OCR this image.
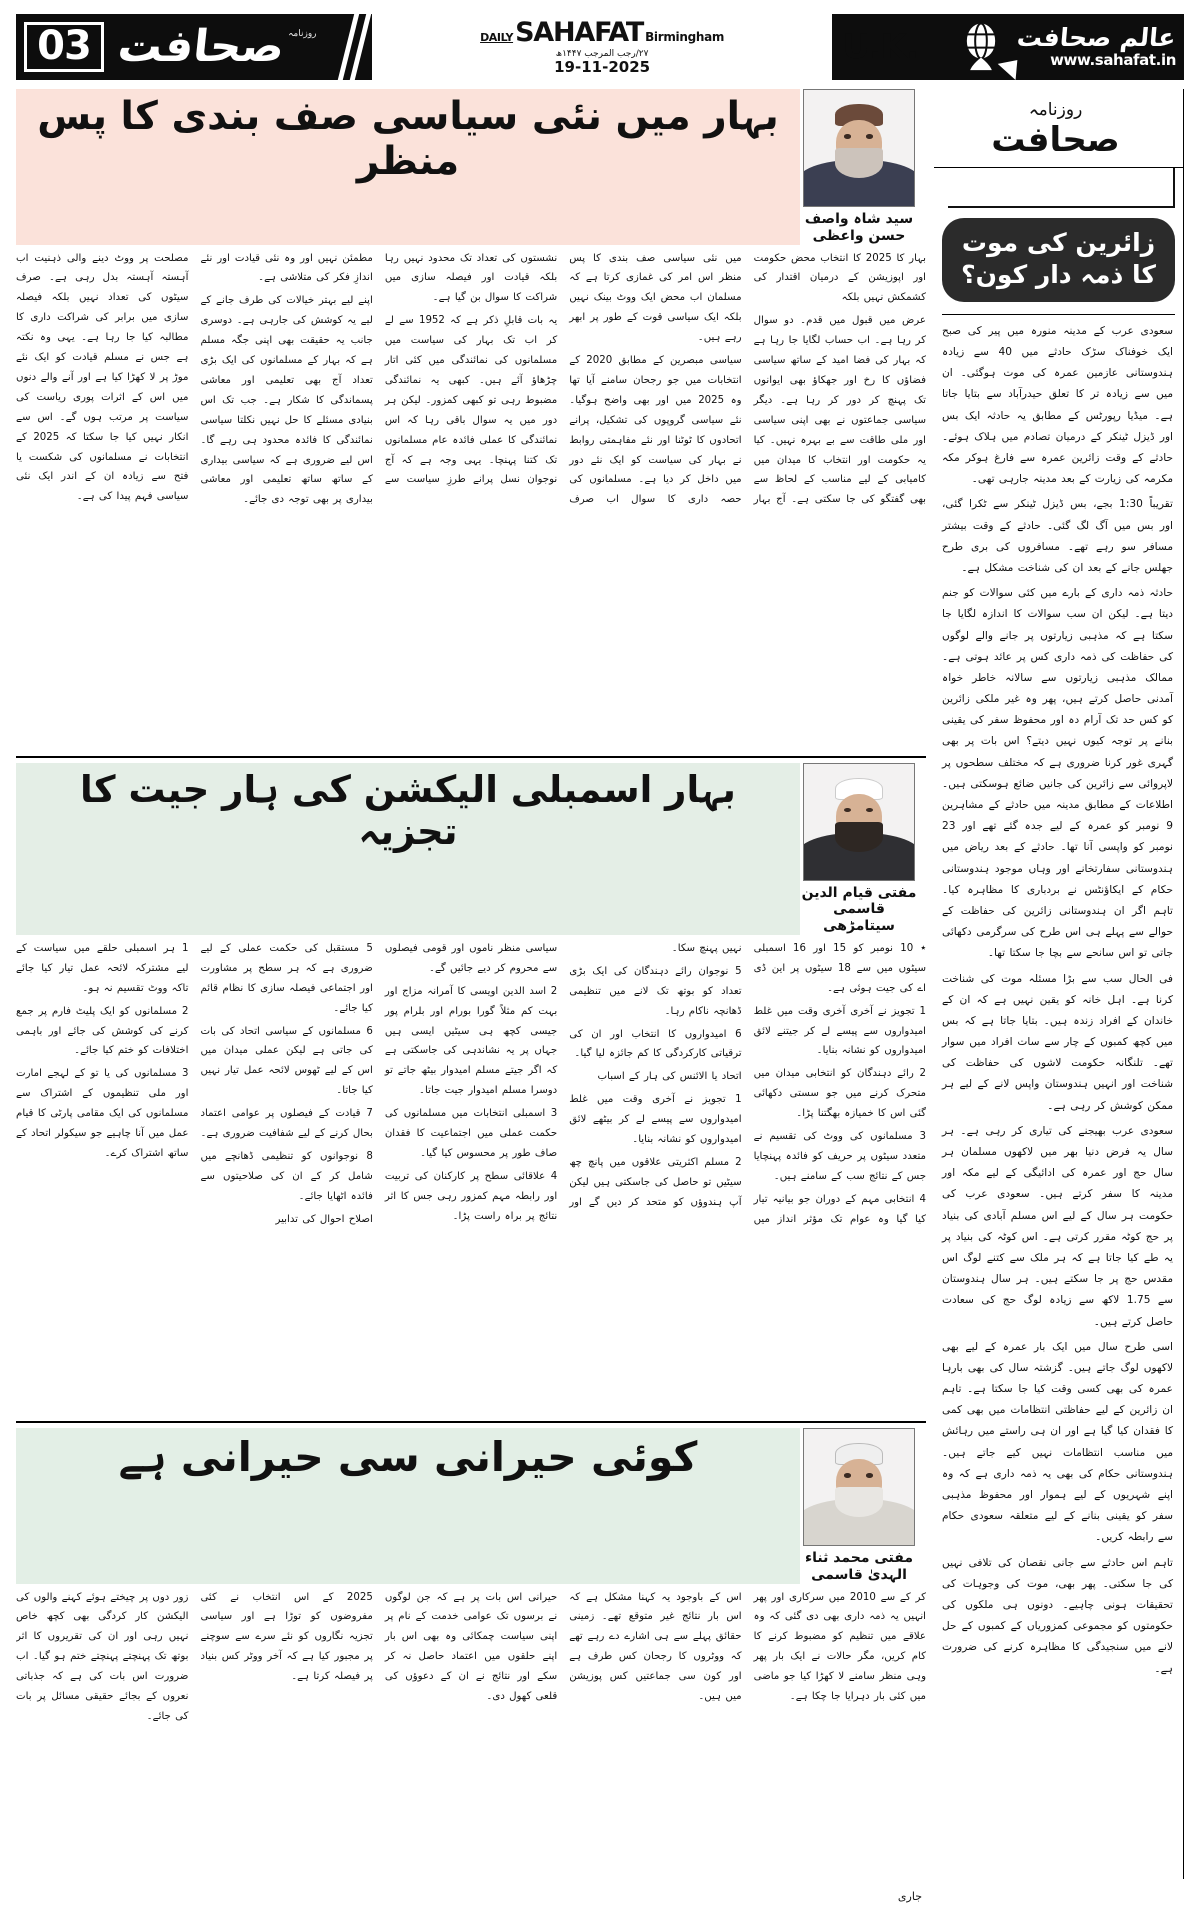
03 صحافت روزنامہ	DAILY SAHAFAT Birmingham
۲۷/رجب المرجب ۱۴۴۷ھ
19-11-2025	U.K.	عالم صحافت
www.sahafat.in
روزنامہ
صحافت
زائرین کی موت کا ذمہ دار کون؟

سعودی عرب کے مدینہ منورہ میں پیر کی صبح ایک خوفناک سڑک حادثے میں 40 سے زیادہ ہندوستانی عازمین عمرہ کی موت ہوگئی۔ ان میں سے زیادہ تر کا تعلق حیدرآباد سے بتایا جاتا ہے۔ میڈیا رپورٹس کے مطابق یہ حادثہ ایک بس اور ڈیزل ٹینکر کے درمیان تصادم میں ہلاک ہوئے۔ حادثے کے وقت زائرین عمرہ سے فارغ ہوکر مکہ مکرمہ کی زیارت کے بعد مدینہ جارہی تھی۔

تقریباً 1:30 بجے، بس ڈیزل ٹینکر سے ٹکرا گئی، اور بس میں آگ لگ گئی۔ حادثے کے وقت بیشتر مسافر سو رہے تھے۔ مسافروں کی بری طرح جھلس جانے کے بعد ان کی شناخت مشکل ہے۔

حادثہ ذمہ داری کے بارے میں کئی سوالات کو جنم دیتا ہے۔ لیکن ان سب سوالات کا اندازہ لگایا جا سکتا ہے کہ مذہبی زیارتوں پر جانے والے لوگوں کی حفاظت کی ذمہ داری کس پر عائد ہوتی ہے۔ ممالک مذہبی زیارتوں سے سالانہ خاطر خواہ آمدنی حاصل کرتے ہیں، پھر وہ غیر ملکی زائرین کو کس حد تک آرام دہ اور محفوظ سفر کی یقینی بنانے پر توجہ کیوں نہیں دیتے؟ اس بات پر بھی گہری غور کرنا ضروری ہے کہ مختلف سطحوں پر لاپروائی سے زائرین کی جانیں ضائع ہوسکتی ہیں۔ اطلاعات کے مطابق مدینہ میں حادثے کے مشاہرین 9 نومبر کو عمرہ کے لیے جدہ گئے تھے اور 23 نومبر کو واپسی آنا تھا۔ حادثے کے بعد ریاض میں ہندوستانی سفارتخانے اور وہاں موجود ہندوستانی حکام کے ایکاؤنٹس نے بردباری کا مظاہرہ کیا۔ تاہم اگر ان ہندوستانی زائرین کی حفاظت کے حوالے سے پہلے ہی اس طرح کی سرگرمی دکھائی جاتی تو اس سانحے سے بچا جا سکتا تھا۔

فی الحال سب سے بڑا مسئلہ موت کی شناخت کرنا ہے۔ اہل خانہ کو یقین نہیں ہے کہ ان کے خاندان کے افراد زندہ ہیں۔ بتایا جاتا ہے کہ بس میں کچھ کمبوں کے چار سے سات افراد میں سوار تھے۔ تلنگانہ حکومت لاشوں کی حفاظت کی شناخت اور انہیں ہندوستان واپس لانے کے لیے ہر ممکن کوشش کر رہی ہے۔

سعودی عرب بھیجنے کی تیاری کر رہی ہے۔ ہر سال یہ فرض دنیا بھر میں لاکھوں مسلمان ہر سال حج اور عمرہ کی ادائیگی کے لیے مکہ اور مدینہ کا سفر کرتے ہیں۔ سعودی عرب کی حکومت ہر سال کے لیے اس مسلم آبادی کی بنیاد پر حج کوٹہ مقرر کرتی ہے۔ اس کوٹہ کی بنیاد پر یہ طے کیا جاتا ہے کہ ہر ملک سے کتنے لوگ اس مقدس حج پر جا سکتے ہیں۔ ہر سال ہندوستان سے 1.75 لاکھ سے زیادہ لوگ حج کی سعادت حاصل کرتے ہیں۔

اسی طرح سال میں ایک بار عمرہ کے لیے بھی لاکھوں لوگ جاتے ہیں۔ گزشتہ سال کی بھی بارہا عمرہ کی بھی کسی وقت کیا جا سکتا ہے۔ تاہم ان زائرین کے لیے حفاظتی انتظامات میں بھی کمی کا فقدان کیا گیا ہے اور ان ہی راستے میں رہائش میں مناسب انتظامات نہیں کیے جاتے ہیں۔ ہندوستانی حکام کی بھی یہ ذمہ داری ہے کہ وہ اپنے شہریوں کے لیے ہموار اور محفوظ مذہبی سفر کو یقینی بنانے کے لیے متعلقہ سعودی حکام سے رابطہ کریں۔

تاہم اس حادثے سے جانی نقصان کی تلافی نہیں کی جا سکتی۔ پھر بھی، موت کی وجوہات کی تحقیقات ہونی چاہیے۔ دونوں ہی ملکوں کی حکومتوں کو مجموعی کمزوریاں کے کمبوں کے حل لانے میں سنجیدگی کا مظاہرہ کرنے کی ضرورت ہے۔

سید شاہ واصف حسن واعظی
بہار میں نئی سیاسی صف بندی کا پس منظر

بہار کا 2025 کا انتخاب محض حکومت اور اپوزیشن کے درمیان اقتدار کی کشمکش نہیں بلکہ

عرض میں قبول میں قدم۔ دو سوال کر رہا ہے۔ اب حساب لگایا جا رہا ہے کہ بہار کی فضا امید کے ساتھ سیاسی فضاؤں کا رخ اور جھکاؤ بھی ایوانوں تک پہنچ کر دور کر رہا ہے۔ دیگر سیاسی جماعتوں نے بھی اپنی سیاسی اور ملی طاقت سے بے بہرہ نہیں۔ کیا یہ حکومت اور انتخاب کا میدان میں کامیابی کے لیے مناسب کے لحاظ سے بھی گفتگو کی جا سکتی ہے۔ آج بہار میں نئی سیاسی صف بندی کا پس منظر اس امر کی غمازی کرتا ہے کہ مسلمان اب محض ایک ووٹ بینک نہیں بلکہ ایک سیاسی قوت کے طور پر ابھر رہے ہیں۔

سیاسی مبصرین کے مطابق 2020 کے انتخابات میں جو رجحان سامنے آیا تھا وہ 2025 میں اور بھی واضح ہوگیا۔ نئے سیاسی گروپوں کی تشکیل، پرانے اتحادوں کا ٹوٹنا اور نئے مفاہمتی روابط نے بہار کی سیاست کو ایک نئے دور میں داخل کر دیا ہے۔ مسلمانوں کی حصہ داری کا سوال اب صرف نشستوں کی تعداد تک محدود نہیں رہا بلکہ قیادت اور فیصلہ سازی میں شراکت کا سوال بن گیا ہے۔

یہ بات قابلِ ذکر ہے کہ 1952 سے لے کر اب تک بہار کی سیاست میں مسلمانوں کی نمائندگی میں کئی اتار چڑھاؤ آئے ہیں۔ کبھی یہ نمائندگی مضبوط رہی تو کبھی کمزور۔ لیکن ہر دور میں یہ سوال باقی رہا کہ اس نمائندگی کا عملی فائدہ عام مسلمانوں تک کتنا پہنچا۔ یہی وجہ ہے کہ آج نوجوان نسل پرانے طرزِ سیاست سے مطمئن نہیں اور وہ نئی قیادت اور نئے اندازِ فکر کی متلاشی ہے۔

اپنے لیے بہتر خیالات کی طرف جانے کے لیے یہ کوشش کی جارہی ہے۔ دوسری جانب یہ حقیقت بھی اپنی جگہ مسلم ہے کہ بہار کے مسلمانوں کی ایک بڑی تعداد آج بھی تعلیمی اور معاشی پسماندگی کا شکار ہے۔ جب تک اس بنیادی مسئلے کا حل نہیں نکلتا سیاسی نمائندگی کا فائدہ محدود ہی رہے گا۔ اس لیے ضروری ہے کہ سیاسی بیداری کے ساتھ ساتھ تعلیمی اور معاشی بیداری پر بھی توجہ دی جائے۔

مصلحت پر ووٹ دینے والی ذہنیت اب آہستہ آہستہ بدل رہی ہے۔ صرف سیٹوں کی تعداد نہیں بلکہ فیصلہ سازی میں برابر کی شراکت داری کا مطالبہ کیا جا رہا ہے۔ یہی وہ نکتہ ہے جس نے مسلم قیادت کو ایک نئے موڑ پر لا کھڑا کیا ہے اور آنے والے دنوں میں اس کے اثرات پوری ریاست کی سیاست پر مرتب ہوں گے۔ اس سے انکار نہیں کیا جا سکتا کہ 2025 کے انتخابات نے مسلمانوں کی شکست یا فتح سے زیادہ ان کے اندر ایک نئی سیاسی فہم پیدا کی ہے۔

مفتی قیام الدین قاسمی سیتامڑھی
بہار اسمبلی الیکشن کی ہار جیت کا تجزیہ

٭ 10 نومبر کو 15 اور 16 اسمبلی سیٹوں میں سے 18 سیٹوں پر این ڈی اے کی جیت ہوئی ہے۔

1 تجویز نے آخری آخری وقت میں غلط امیدواروں سے پیسے لے کر جیتنے لائق امیدواروں کو نشانہ بنایا۔

2 رائے دہندگان کو انتخابی میدان میں متحرک کرنے میں جو سستی دکھائی گئی اس کا خمیازہ بھگتنا پڑا۔

3 مسلمانوں کی ووٹ کی تقسیم نے متعدد سیٹوں پر حریف کو فائدہ پہنچایا جس کے نتائج سب کے سامنے ہیں۔

4 انتخابی مہم کے دوران جو بیانیہ تیار کیا گیا وہ عوام تک مؤثر انداز میں نہیں پہنچ سکا۔

5 نوجوان رائے دہندگان کی ایک بڑی تعداد کو بوتھ تک لانے میں تنظیمی ڈھانچہ ناکام رہا۔

6 امیدواروں کا انتخاب اور ان کی ترقیاتی کارکردگی کا کم جائزہ لیا گیا۔

اتحاد یا الائنس کی ہار کے اسباب

1 تجویز نے آخری وقت میں غلط امیدواروں سے پیسے لے کر بیٹھے لائق امیدواروں کو نشانہ بنایا۔

2 مسلم اکثریتی علاقوں میں پانچ چھ سیٹیں تو حاصل کی جاسکتی ہیں لیکن آپ ہندوؤں کو متحد کر دیں گے اور سیاسی منظر ناموں اور قومی فیصلوں سے محروم کر دیے جائیں گے۔

2 اسد الدین اویسی کا آمرانہ مزاج اور بہت کم مثلاً گورا بورام اور بلرام پور جیسی کچھ ہی سیٹیں ایسی ہیں جہاں پر یہ نشاندہی کی جاسکتی ہے کہ اگر جیتے مسلم امیدوار بیٹھ جاتے تو دوسرا مسلم امیدوار جیت جاتا۔

3 اسمبلی انتخابات میں مسلمانوں کی حکمت عملی میں اجتماعیت کا فقدان صاف طور پر محسوس کیا گیا۔

4 علاقائی سطح پر کارکنان کی تربیت اور رابطہ مہم کمزور رہی جس کا اثر نتائج پر براہ راست پڑا۔

5 مستقبل کی حکمت عملی کے لیے ضروری ہے کہ ہر سطح پر مشاورت اور اجتماعی فیصلہ سازی کا نظام قائم کیا جائے۔

6 مسلمانوں کے سیاسی اتحاد کی بات کی جاتی ہے لیکن عملی میدان میں اس کے لیے ٹھوس لائحہ عمل تیار نہیں کیا جاتا۔

7 قیادت کے فیصلوں پر عوامی اعتماد بحال کرنے کے لیے شفافیت ضروری ہے۔

8 نوجوانوں کو تنظیمی ڈھانچے میں شامل کر کے ان کی صلاحیتوں سے فائدہ اٹھایا جائے۔

اصلاح احوال کی تدابیر

1 ہر اسمبلی حلقے میں سیاست کے لیے مشترکہ لائحہ عمل تیار کیا جائے تاکہ ووٹ تقسیم نہ ہو۔

2 مسلمانوں کو ایک پلیٹ فارم پر جمع کرنے کی کوشش کی جائے اور باہمی اختلافات کو ختم کیا جائے۔

3 مسلمانوں کی یا تو کے لہجے امارت اور ملی تنظیموں کے اشتراک سے مسلمانوں کی ایک مقامی پارٹی کا قیام عمل میں آنا چاہیے جو سیکولر اتحاد کے ساتھ اشتراک کرے۔

مفتی محمد ثناء الہدیٰ قاسمی
کوئی حیرانی سی حیرانی ہے

کر کے سے 2010 میں سرکاری اور پھر انہیں یہ ذمہ داری بھی دی گئی کہ وہ علاقے میں تنظیم کو مضبوط کرنے کا کام کریں، مگر حالات نے ایک بار پھر وہی منظر سامنے لا کھڑا کیا جو ماضی میں کئی بار دہرایا جا چکا ہے۔

اس کے باوجود یہ کہنا مشکل ہے کہ اس بار نتائج غیر متوقع تھے۔ زمینی حقائق پہلے سے ہی اشارے دے رہے تھے کہ ووٹروں کا رجحان کس طرف ہے اور کون سی جماعتیں کس پوزیشن میں ہیں۔

حیرانی اس بات پر ہے کہ جن لوگوں نے برسوں تک عوامی خدمت کے نام پر اپنی سیاست چمکائی وہ بھی اس بار اپنے حلقوں میں اعتماد حاصل نہ کر سکے اور نتائج نے ان کے دعوؤں کی قلعی کھول دی۔

2025 کے اس انتخاب نے کئی مفروضوں کو توڑا ہے اور سیاسی تجزیہ نگاروں کو نئے سرے سے سوچنے پر مجبور کیا ہے کہ آخر ووٹر کس بنیاد پر فیصلہ کرتا ہے۔

زور دوں پر چیختے ہوئے کہنے والوں کی الیکشن کار کردگی بھی کچھ خاص نہیں رہی اور ان کی تقریروں کا اثر بوتھ تک پہنچتے پہنچتے ختم ہو گیا۔ اب ضرورت اس بات کی ہے کہ جذباتی نعروں کے بجائے حقیقی مسائل پر بات کی جائے۔

جاری
